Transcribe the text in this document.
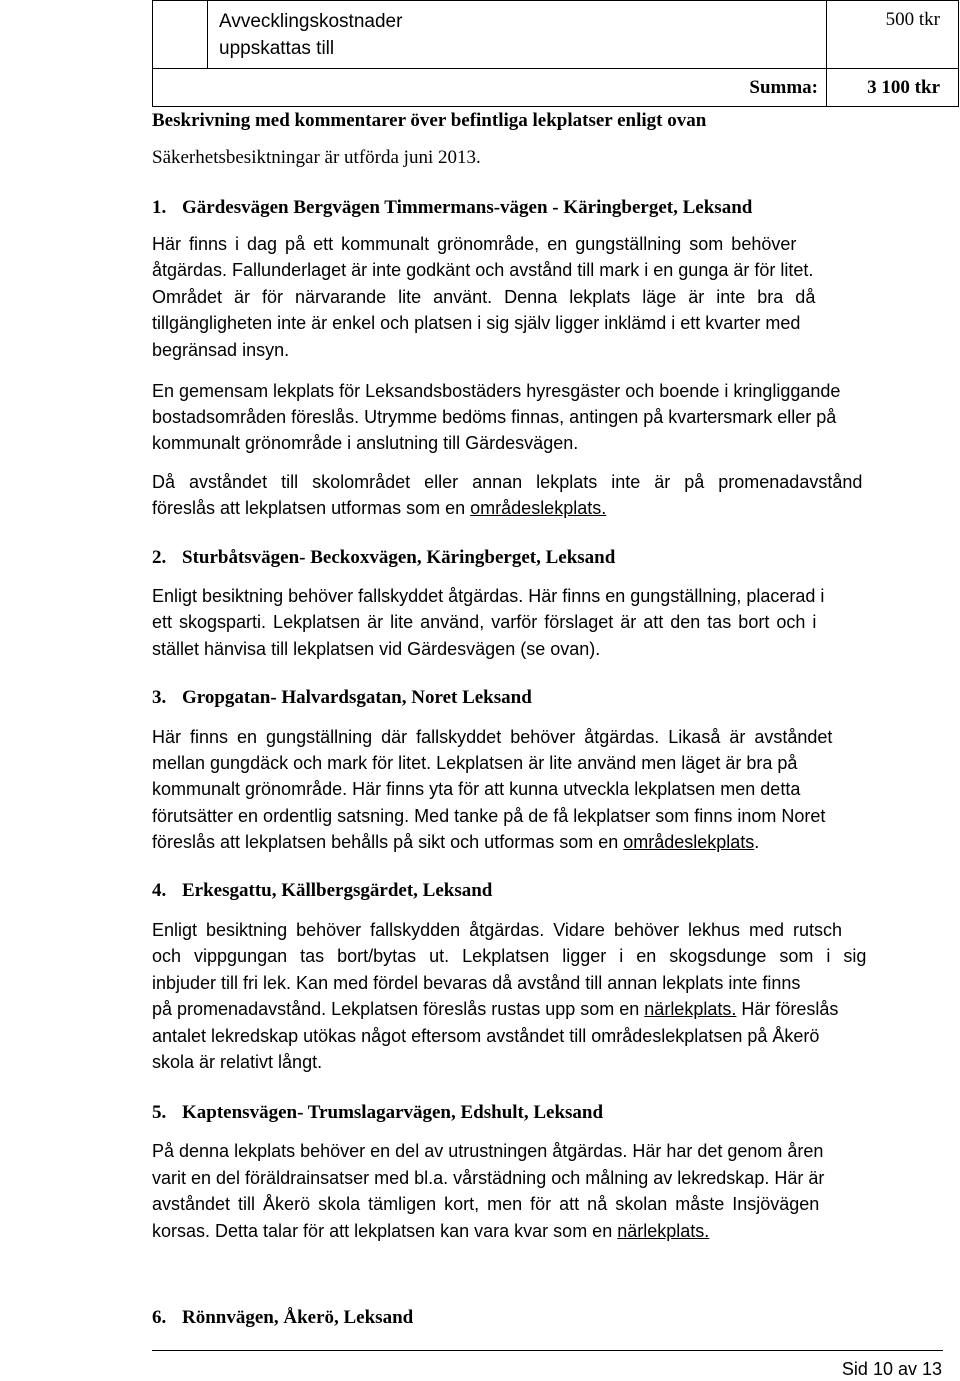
Avvecklingskostnader uppskattas till
500 tkr
Summa:	3 100 tkr
Beskrivning med kommentarer över befintliga lekplatser enligt ovan
Säkerhetsbesiktningar är utförda juni 2013.
1. Gärdesvägen Bergvägen Timmermans-vägen - Käringberget, Leksand
Här finns i dag på ett kommunalt grönområde, en gungställning som behöver
åtgärdas. Fallunderlaget är inte godkänt och avstånd till mark i en gunga är för litet.
Området är för närvarande lite använt. Denna lekplats läge är inte bra då
tillgängligheten inte är enkel och platsen i sig själv ligger inklämd i ett kvarter med
begränsad insyn.
En gemensam lekplats för Leksandsbostäders hyresgäster och boende i kringliggande
bostadsområden föreslås. Utrymme bedöms finnas, antingen på kvartersmark eller på
kommunalt grönområde i anslutning till Gärdesvägen.
Då avståndet till skolområdet eller annan lekplats inte är på promenadavstånd
föreslås att lekplatsen utformas som en områdeslekplats.
2. Sturbåtsvägen- Beckoxvägen, Käringberget, Leksand
Enligt besiktning behöver fallskyddet åtgärdas. Här finns en gungställning, placerad i
ett skogsparti. Lekplatsen är lite använd, varför förslaget är att den tas bort och i
stället hänvisa till lekplatsen vid Gärdesvägen (se ovan).
3. Gropgatan- Halvardsgatan, Noret Leksand
Här finns en gungställning där fallskyddet behöver åtgärdas. Likaså är avståndet
mellan gungdäck och mark för litet. Lekplatsen är lite använd men läget är bra på
kommunalt grönområde. Här finns yta för att kunna utveckla lekplatsen men detta
förutsätter en ordentlig satsning. Med tanke på de få lekplatser som finns inom Noret
föreslås att lekplatsen behålls på sikt och utformas som en områdeslekplats.
4. Erkesgattu, Källbergsgärdet, Leksand
Enligt besiktning behöver fallskydden åtgärdas. Vidare behöver lekhus med rutsch
och vippgungan tas bort/bytas ut. Lekplatsen ligger i en skogsdunge som i sig
inbjuder till fri lek. Kan med fördel bevaras då avstånd till annan lekplats inte finns
på promenadavstånd. Lekplatsen föreslås rustas upp som en närlekplats. Här föreslås
antalet lekredskap utökas något eftersom avståndet till områdeslekplatsen på Åkerö
skola är relativt långt.
5. Kaptensvägen- Trumslagarvägen, Edshult, Leksand
På denna lekplats behöver en del av utrustningen åtgärdas. Här har det genom åren
varit en del föräldrainsatser med bl.a. vårstädning och målning av lekredskap. Här är
avståndet till Åkerö skola tämligen kort, men för att nå skolan måste Insjövägen
korsas. Detta talar för att lekplatsen kan vara kvar som en närlekplats.
6. Rönnvägen, Åkerö, Leksand
Sid 10 av 13
